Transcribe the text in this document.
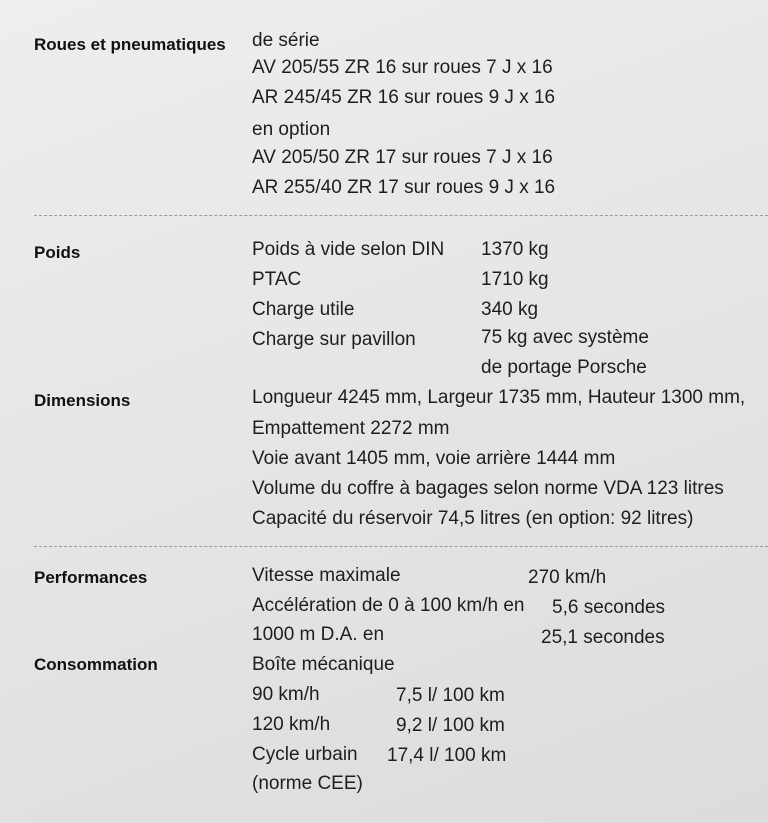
Roues et pneumatiques de série
AV 205/55 ZR 16 sur roues 7 J x 16
AR 245/45 ZR 16 sur roues 9 J x 16
en option
AV 205/50 ZR 17 sur roues 7 J x 16
AR 255/40 ZR 17 sur roues 9 J x 16
Poids	Poids à vide selon DIN 1370 kg
PTAC	1710 kg
Charge utile	340 kg
Charge sur pavillon	75 kg avec système
de portage Porsche
Dimensions	Longueur 4245 mm, Largeur 1735 mm, Hauteur 1300 mm,
Empattement 2272 mm
Voie avant 1405 mm, voie arrière 1444 mm
Volume du coffre à bagages selon norme VDA 123 litres
Capacité du réservoir 74,5 litres (en option: 92 litres)
Performances	Vitesse maximale	270 km/h
Accélération de 0 à 100 km/h en 5,6 secondes
1000 m D.A. en	25,1 secondes
Consommation	Boîte mécanique
90 km/h	7,5 l/ 100 km
120 km/h	9,2 l/ 100 km
Cycle urbain 17,4 l/ 100 km
(norme CEE)
